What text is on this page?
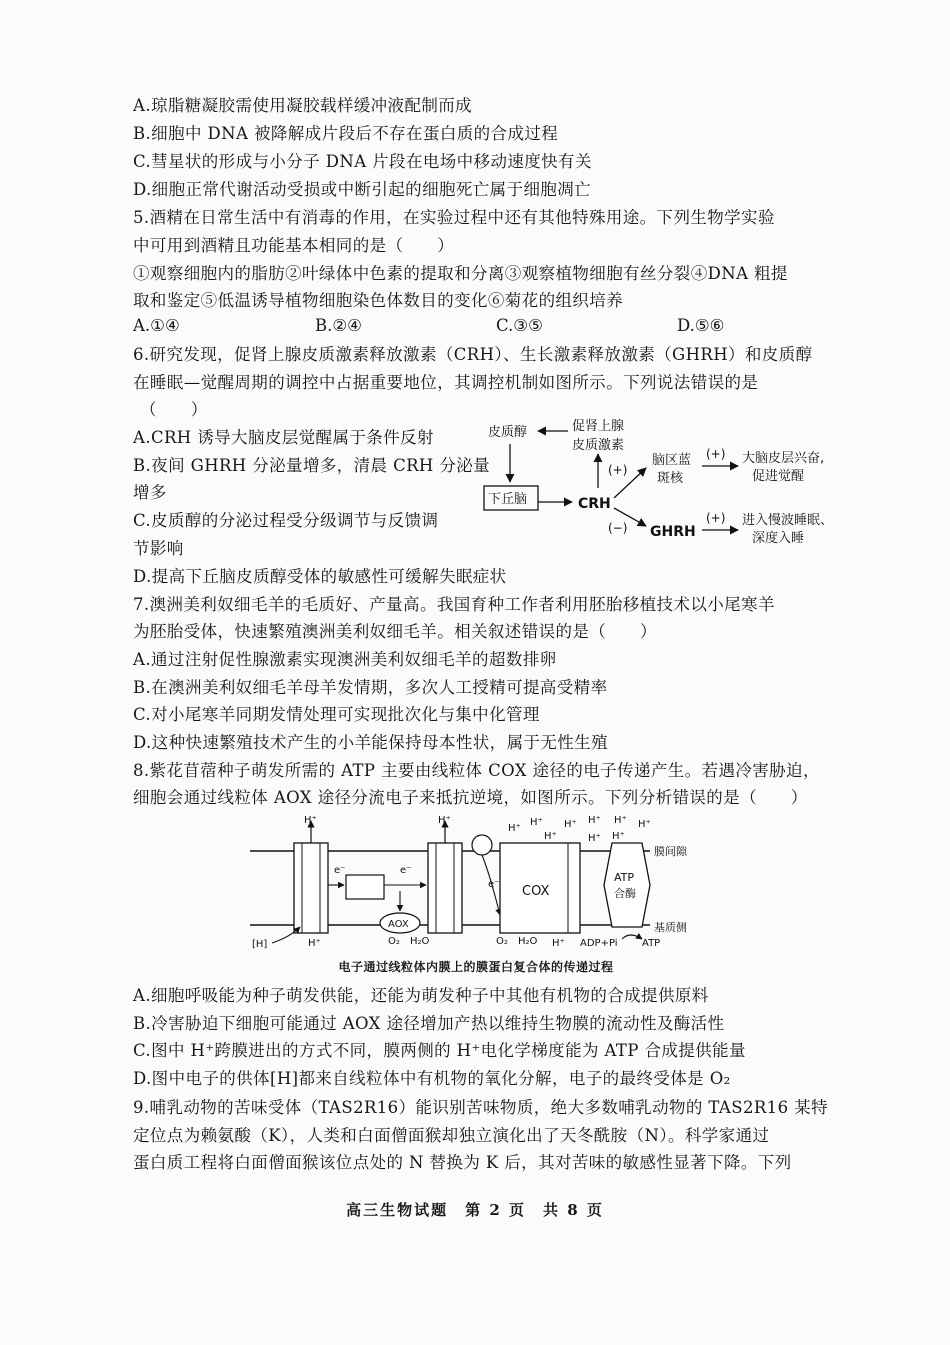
A.琼脂糖凝胶需使用凝胶载样缓冲液配制而成
B.细胞中 DNA 被降解成片段后不存在蛋白质的合成过程
C.彗星状的形成与小分子 DNA 片段在电场中移动速度快有关
D.细胞正常代谢活动受损或中断引起的细胞死亡属于细胞凋亡
5.酒精在日常生活中有消毒的作用，在实验过程中还有其他特殊用途。下列生物学实验
中可用到酒精且功能基本相同的是（　　）
①观察细胞内的脂肪②叶绿体中色素的提取和分离③观察植物细胞有丝分裂④DNA 粗提
取和鉴定⑤低温诱导植物细胞染色体数目的变化⑥菊花的组织培养
A.①④	B.②④	C.③⑤	D.⑤⑥
6.研究发现，促肾上腺皮质激素释放激素（CRH）、生长激素释放激素（GHRH）和皮质醇
在睡眠—觉醒周期的调控中占据重要地位，其调控机制如图所示。下列说法错误的是
（　　）
A.CRH 诱导大脑皮层觉醒属于条件反射
B.夜间 GHRH 分泌量增多，清晨 CRH 分泌量
增多
C.皮质醇的分泌过程受分级调节与反馈调
节影响
D.提高下丘脑皮质醇受体的敏感性可缓解失眠症状
皮质醇	促肾上腺
皮质激素
下丘脑	CRH
(+)
(−)
脑区蓝
斑核
(+) 大脑皮层兴奋,
促进觉醒
GHRH
(+) 进入慢波睡眠、
深度入睡
7.澳洲美利奴细毛羊的毛质好、产量高。我国育种工作者利用胚胎移植技术以小尾寒羊
为胚胎受体，快速繁殖澳洲美利奴细毛羊。相关叙述错误的是（　　）
A.通过注射促性腺激素实现澳洲美利奴细毛羊的超数排卵
B.在澳洲美利奴细毛羊母羊发情期，多次人工授精可提高受精率
C.对小尾寒羊同期发情处理可实现批次化与集中化管理
D.这种快速繁殖技术产生的小羊能保持母本性状，属于无性生殖
8.紫花苜蓿种子萌发所需的 ATP 主要由线粒体 COX 途径的电子传递产生。若遇冷害胁迫，
细胞会通过线粒体 AOX 途径分流电子来抵抗逆境，如图所示。下列分析错误的是（　　）
膜间隙
基质侧
H⁺
e⁻	e⁻
AOX
O₂ H₂O
[H]	H⁺
H⁺
e⁻ COX
O₂ H₂O H⁺
H⁺
H⁺
H⁺
H⁺ H⁺
H⁺
H⁺
H⁺
H⁺
ATP
合酶
ADP+Pi ATP
电子通过线粒体内膜上的膜蛋白复合体的传递过程
A.细胞呼吸能为种子萌发供能，还能为萌发种子中其他有机物的合成提供原料
B.冷害胁迫下细胞可能通过 AOX 途径增加产热以维持生物膜的流动性及酶活性
C.图中 H⁺跨膜进出的方式不同，膜两侧的 H⁺电化学梯度能为 ATP 合成提供能量
D.图中电子的供体[H]都来自线粒体中有机物的氧化分解，电子的最终受体是 O₂
9.哺乳动物的苦味受体（TAS2R16）能识别苦味物质，绝大多数哺乳动物的 TAS2R16 某特
定位点为赖氨酸（K），人类和白面僧面猴却独立演化出了天冬酰胺（N）。科学家通过
蛋白质工程将白面僧面猴该位点处的 N 替换为 K 后，其对苦味的敏感性显著下降。下列
高三生物试题　第 2 页　共 8 页
